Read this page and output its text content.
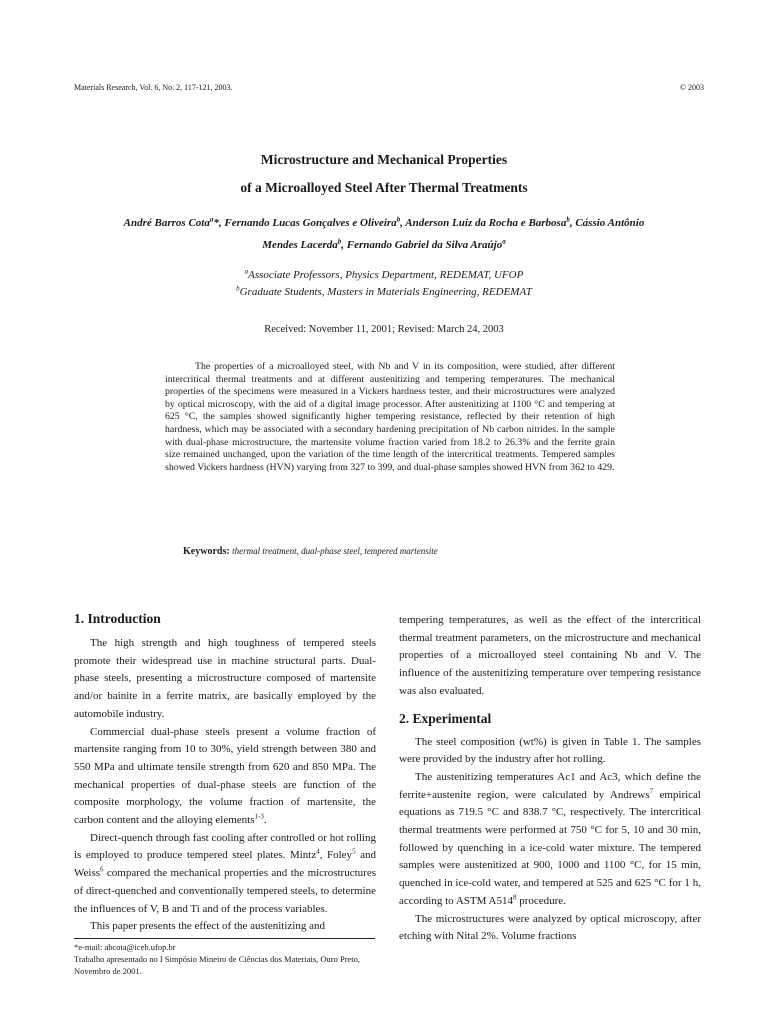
Materials Research, Vol. 6, No. 2, 117-121, 2003.	© 2003
Microstructure and Mechanical Properties
of a Microalloyed Steel After Thermal Treatments
André Barros Cota$^a$*, Fernando Lucas Gonçalves e Oliveira$^b$, Anderson Luiz da Rocha e Barbosa$^b$, Cássio Antônio Mendes Lacerda$^b$, Fernando Gabriel da Silva Araújo$^a$
$^a$Associate Professors, Physics Department, REDEMAT, UFOP
$^b$Graduate Students, Masters in Materials Engineering, REDEMAT
Received: November 11, 2001; Revised: March 24, 2003

The properties of a microalloyed steel, with Nb and V in its composition, were studied, after different intercritical thermal treatments and at different austenitizing and tempering temperatures. The mechanical properties of the specimens were measured in a Vickers hardness tester, and their microstructures were analyzed by optical microscopy, with the aid of a digital image processor. After austenitizing at 1100 °C and tempering at 625 °C, the samples showed significantly higher tempering resistance, reflected by their retention of high hardness, which may be associated with a secondary hardening precipitation of Nb carbon nitrides. In the sample with dual-phase microstructure, the martensite volume fraction varied from 18.2 to 26.3% and the ferrite grain size remained unchanged, upon the variation of the time length of the intercritical treatments. Tempered samples showed Vickers hardness (HVN) varying from 327 to 399, and dual-phase samples showed HVN from 362 to 429.

Keywords: thermal treatment, dual-phase steel, tempered martensite
1. Introduction

The high strength and high toughness of tempered steels promote their widespread use in machine structural parts. Dual-phase steels, presenting a microstructure composed of martensite and/or bainite in a ferrite matrix, are basically employed by the automobile industry.

Commercial dual-phase steels present a volume fraction of martensite ranging from 10 to 30%, yield strength between 380 and 550 MPa and ultimate tensile strength from 620 and 850 MPa. The mechanical properties of dual-phase steels are function of the composite morphology, the volume fraction of martensite, the carbon content and the alloying elements$^{1-3}$.

Direct-quench through fast cooling after controlled or hot rolling is employed to produce tempered steel plates. Mintz$^4$, Foley$^5$ and Weiss$^6$ compared the mechanical properties and the microstructures of direct-quenched and conventionally tempered steels, to determine the influences of V, B and Ti and of the process variables.

This paper presents the effect of the austenitizing and

tempering temperatures, as well as the effect of the intercritical thermal treatment parameters, on the microstructure and mechanical properties of a microalloyed steel containing Nb and V. The influence of the austenitizing temperature over tempering resistance was also evaluated.

2. Experimental

The steel composition (wt%) is given in Table 1. The samples were provided by the industry after hot rolling.

The austenitizing temperatures Ac1 and Ac3, which define the ferrite+austenite region, were calculated by Andrews$^7$ empirical equations as 719.5 °C and 838.7 °C, respectively. The intercritical thermal treatments were performed at 750 °C for 5, 10 and 30 min, followed by quenching in a ice-cold water mixture. The tempered samples were austenitized at 900, 1000 and 1100 °C, for 15 min, quenched in ice-cold water, and tempered at 525 and 625 °C for 1 h, according to ASTM $A514^8$ procedure.

The microstructures were analyzed by optical microscopy, after etching with Nital 2%. Volume fractions

*e-mail: abcota@iceb.ufop.br
Trabalho apresentado no I Simpósio Mineiro de Ciências dos Materiais, Ouro Preto, Novembro de 2001.
